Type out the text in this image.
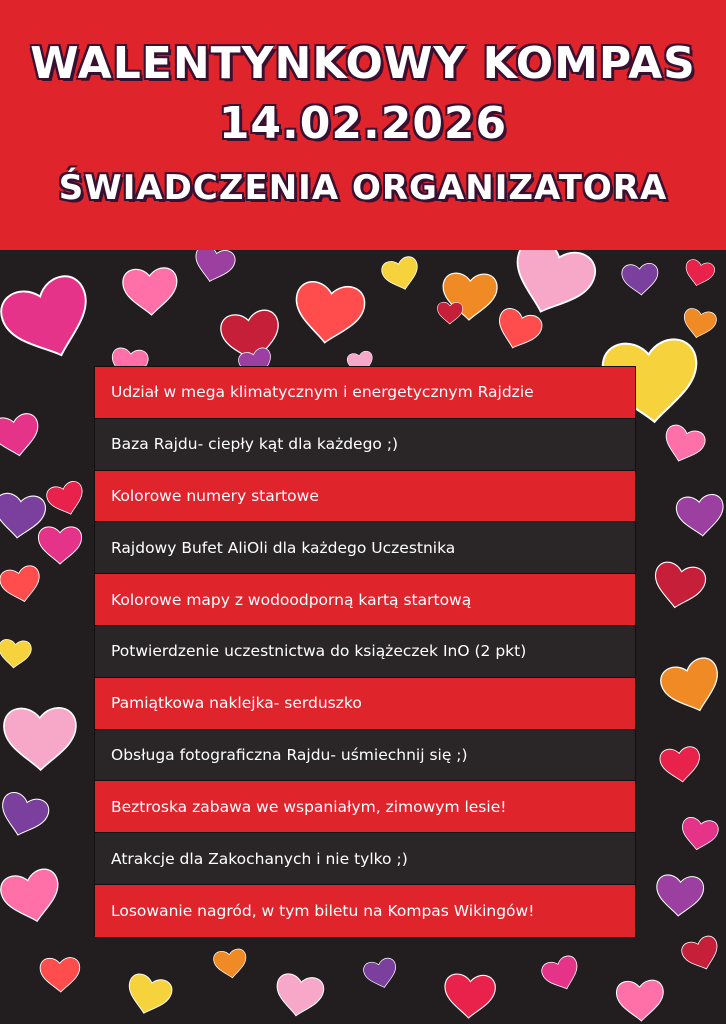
WALENTYNKOWY KOMPAS
14.02.2026
ŚWIADCZENIA ORGANIZATORA
Udział w mega klimatycznym i energetycznym Rajdzie
Baza Rajdu- ciepły kąt dla każdego ;)
Kolorowe numery startowe
Rajdowy Bufet AliOli dla każdego Uczestnika
Kolorowe mapy z wodoodporną kartą startową
Potwierdzenie uczestnictwa do książeczek InO (2 pkt)
Pamiątkowa naklejka- serduszko
Obsługa fotograficzna Rajdu- uśmiechnij się ;)
Beztroska zabawa we wspaniałym, zimowym lesie!
Atrakcje dla Zakochanych i nie tylko ;)
Losowanie nagród, w tym biletu na Kompas Wikingów!
